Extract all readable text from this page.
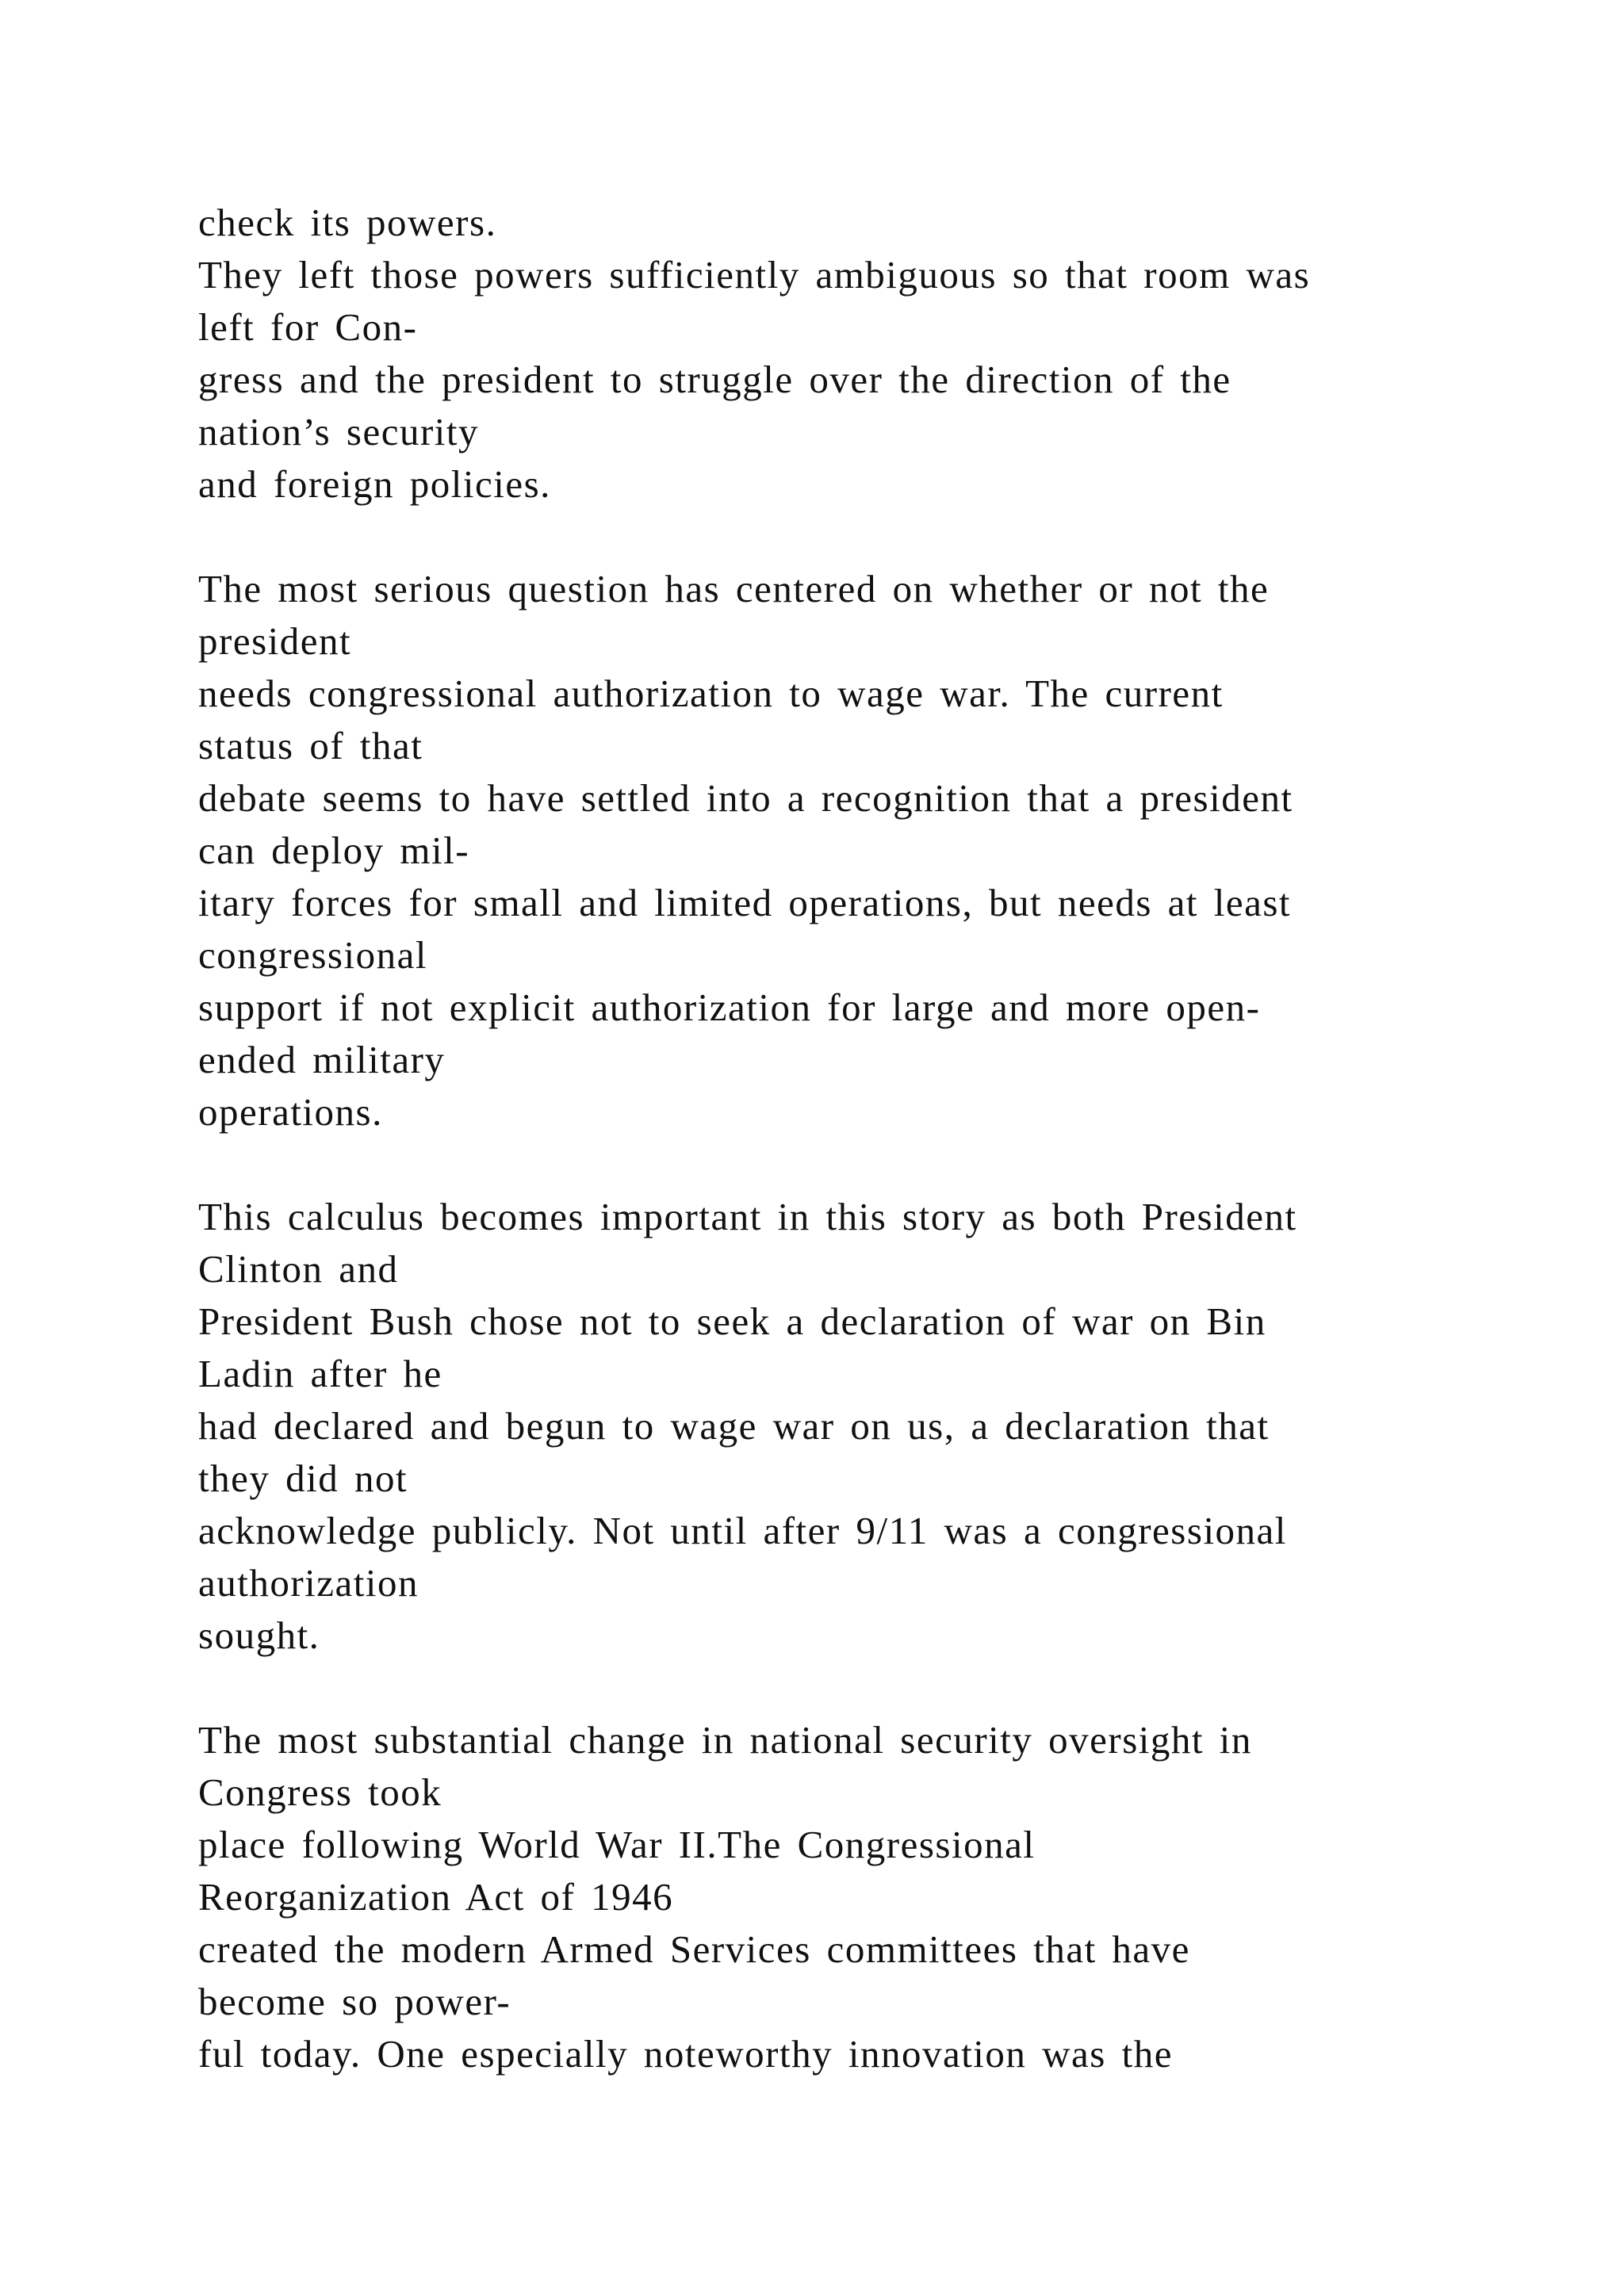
check its powers.
They left those powers sufficiently ambiguous so that room was
left for Con-
gress and the president to struggle over the direction of the
nation’s security
and foreign policies.
The most serious question has centered on whether or not the
president
needs congressional authorization to wage war. The current
status of that
debate seems to have settled into a recognition that a president
can deploy mil-
itary forces for small and limited operations, but needs at least
congressional
support if not explicit authorization for large and more open-
ended military
operations.
This calculus becomes important in this story as both President
Clinton and
President Bush chose not to seek a declaration of war on Bin
Ladin after he
had declared and begun to wage war on us, a declaration that
they did not
acknowledge publicly. Not until after 9/11 was a congressional
authorization
sought.
The most substantial change in national security oversight in
Congress took
place following World War II.The Congressional
Reorganization Act of 1946
created the modern Armed Services committees that have
become so power-
ful today. One especially noteworthy innovation was the
